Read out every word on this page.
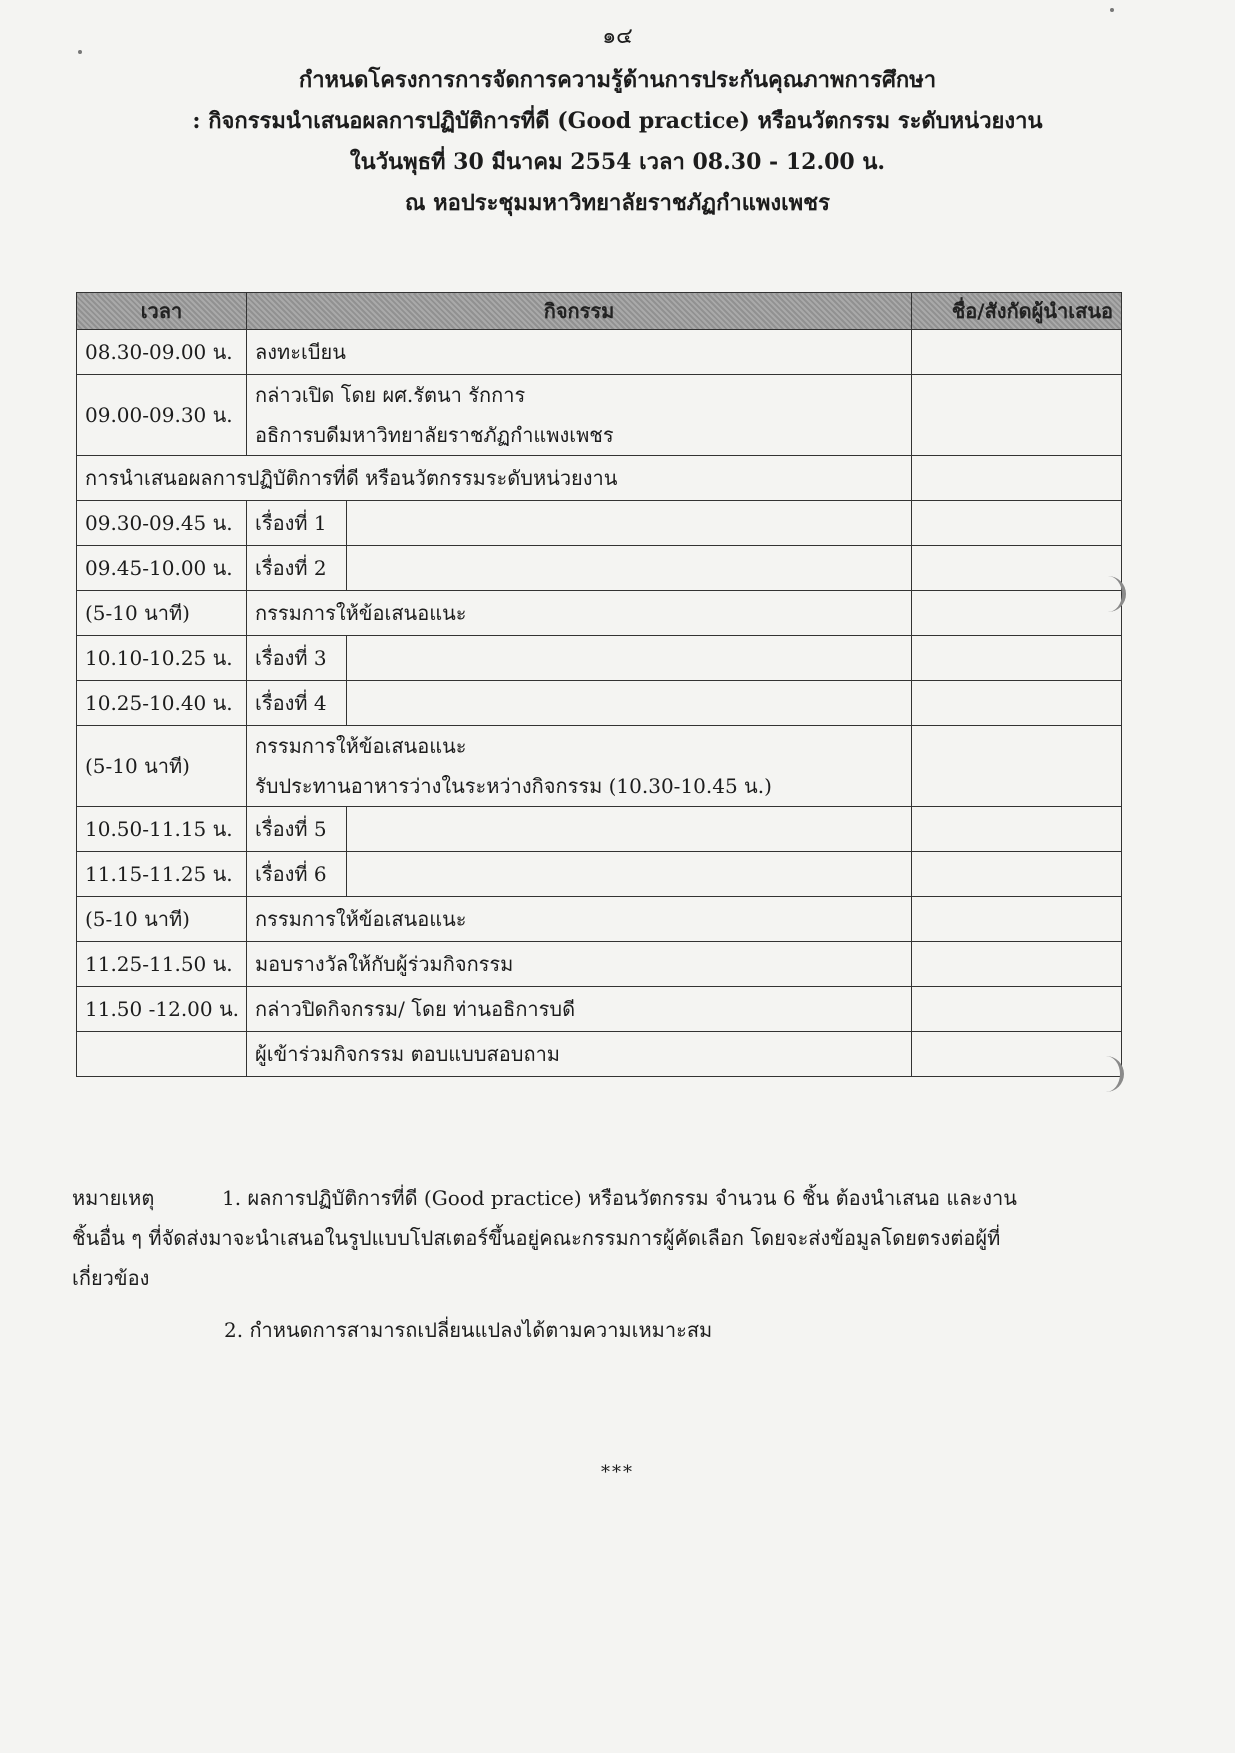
๑๔
กำหนดโครงการการจัดการความรู้ด้านการประกันคุณภาพการศึกษา
: กิจกรรมนำเสนอผลการปฏิบัติการที่ดี (Good practice) หรือนวัตกรรม ระดับหน่วยงาน
ในวันพุธที่ 30 มีนาคม 2554 เวลา 08.30 - 12.00 น.
ณ หอประชุมมหาวิทยาลัยราชภัฏกำแพงเพชร
เวลา	กิจกรรม		ชื่อ/สังกัดผู้นำเสนอ
08.30-09.00 น.	ลงทะเบียน		
09.00-09.30 น.	กล่าวเปิด โดย ผศ.รัตนา รักการ
อธิการบดีมหาวิทยาลัยราชภัฏกำแพงเพชร		

การนำเสนอผลการปฏิบัติการที่ดี หรือนวัตกรรมระดับหน่วยงาน			
09.30-09.45 น.	เรื่องที่ 1		
09.45-10.00 น.	เรื่องที่ 2		
(5-10 นาที)	กรรมการให้ข้อเสนอแนะ		
10.10-10.25 น.	เรื่องที่ 3		
10.25-10.40 น.	เรื่องที่ 4		
(5-10 นาที)	กรรมการให้ข้อเสนอแนะ
รับประทานอาหารว่างในระหว่างกิจกรรม (10.30-10.45 น.)		

10.50-11.15 น.	เรื่องที่ 5		
11.15-11.25 น.	เรื่องที่ 6		
(5-10 นาที)	กรรมการให้ข้อเสนอแนะ		
11.25-11.50 น.	มอบรางวัลให้กับผู้ร่วมกิจกรรม		
11.50 -12.00 น.	กล่าวปิดกิจกรรม/ โดย ท่านอธิการบดี		
	ผู้เข้าร่วมกิจกรรม ตอบแบบสอบถาม		
หมายเหตุ	1. ผลการปฏิบัติการที่ดี (Good practice) หรือนวัตกรรม จำนวน 6 ชิ้น ต้องนำเสนอ และงาน
ชิ้นอื่น ๆ ที่จัดส่งมาจะนำเสนอในรูปแบบโปสเตอร์ขึ้นอยู่คณะกรรมการผู้คัดเลือก โดยจะส่งข้อมูลโดยตรงต่อผู้ที่
เกี่ยวข้อง
2. กำหนดการสามารถเปลี่ยนแปลงได้ตามความเหมาะสม
***
